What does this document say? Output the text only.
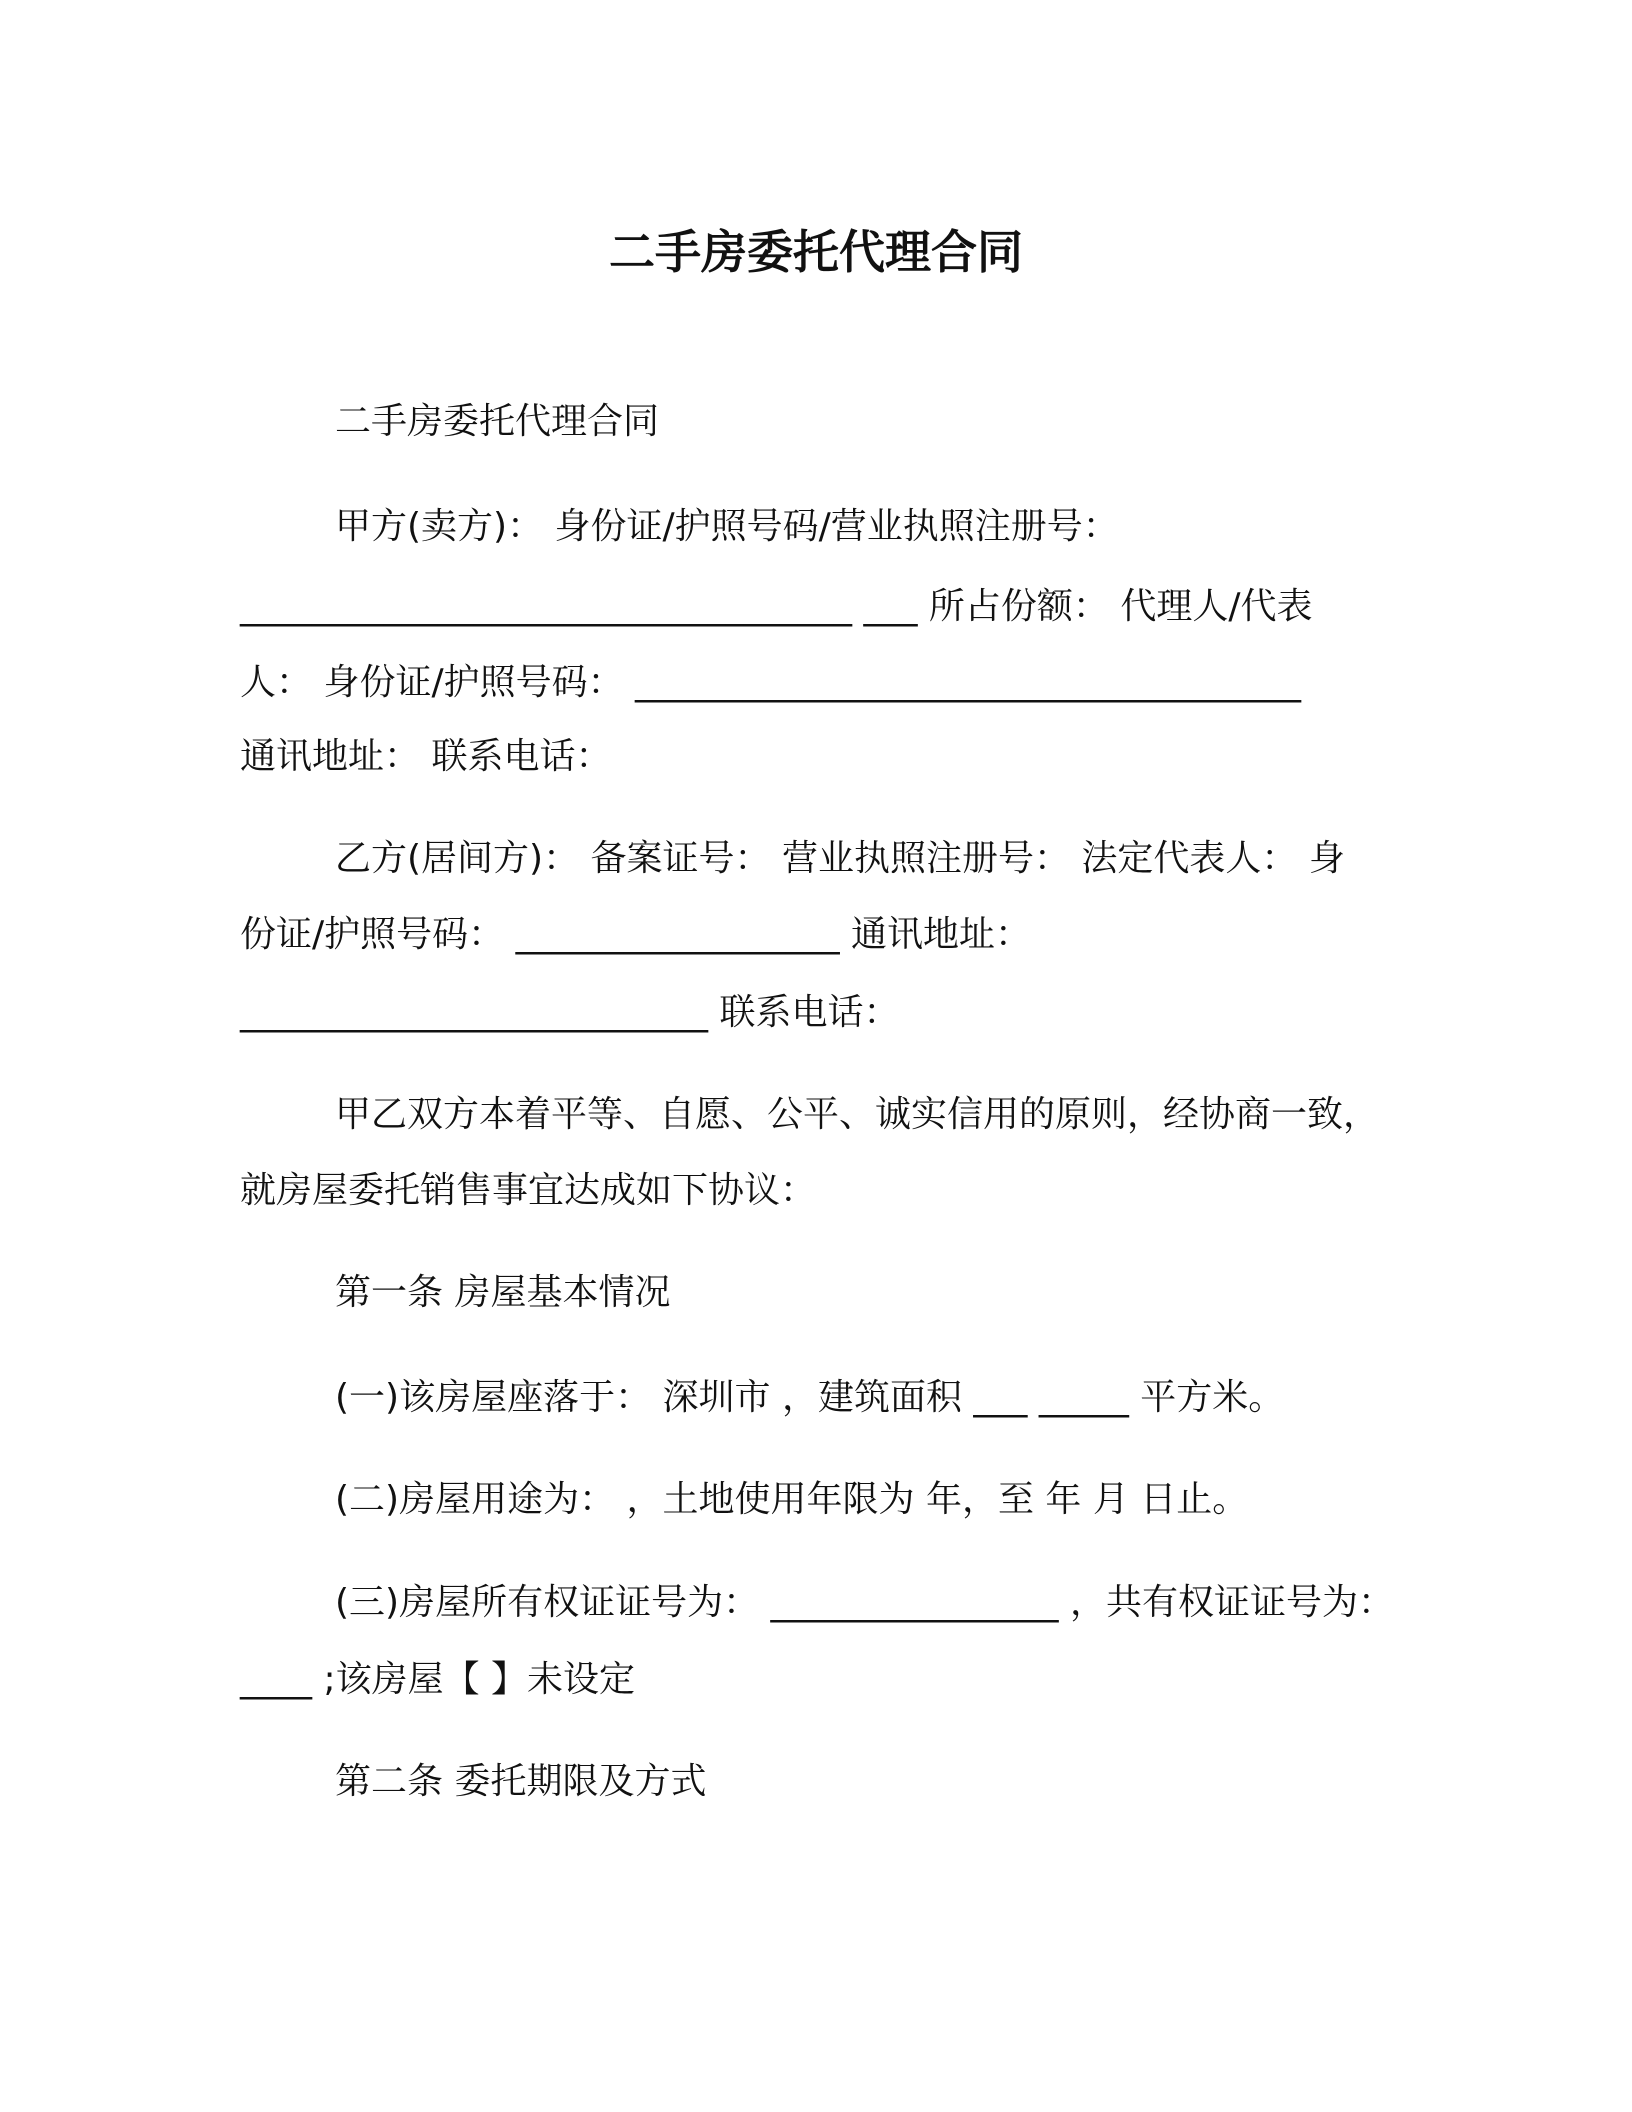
二手房委托代理合同
二手房委托代理合同
甲方(卖方)： 身份证/护照号码/营业执照注册号：
__________________________________ ___ 所占份额： 代理人/代表
人： 身份证/护照号码： _____________________________________
通讯地址： 联系电话：
乙方(居间方)： 备案证号： 营业执照注册号： 法定代表人： 身
份证/护照号码： __________________ 通讯地址：
__________________________ 联系电话：
甲乙双方本着平等、自愿、公平、诚实信用的原则，经协商一致，
就房屋委托销售事宜达成如下协议：
第一条 房屋基本情况
(一)该房屋座落于： 深圳市 ，建筑面积 ___ _____ 平方米。
(二)房屋用途为： ，土地使用年限为 年，至 年 月 日止。
(三)房屋所有权证证号为： ________________ ，共有权证证号为：
____ ;该房屋【 】未设定
第二条 委托期限及方式
